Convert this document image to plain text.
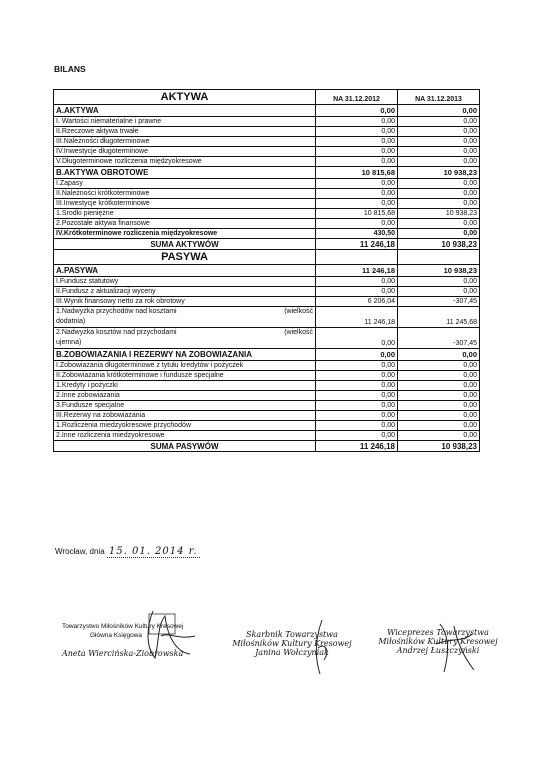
BILANS
AKTYWA	NA 31.12.2012	NA 31.12.2013
A.AKTYWA	0,00	0,00
I. Wartości niematerialne i prawne	0,00	0,00
II.Rzeczowe aktywa trwałe	0,00	0,00
III.Należności długoterminowe	0,00	0,00
IV.Inwestycje długoterminowe	0,00	0,00
V.Długoterminowe rozliczenia międzyokresowe	0,00	0,00
B.AKTYWA OBROTOWE	10 815,68	10 938,23
I.Zapasy	0,00	0,00
II.Należności krótkoterminowe	0,00	0,00
III.Inwestycje krótkoterminowe	0,00	0,00
1.Środki pieniężne	10 815,68	10 938,23
2.Pozostałe aktywa finansowe	0,00	0,00
IV.Krótkoterminowe rozliczenia międzyokresowe	430,50	0,00
SUMA AKTYWÓW	11 246,18	10 938,23
PASYWA		
A.PASYWA	11 246,18	10 938,23
I.Fundusz statutowy	0,00	0,00
II.Fundusz z aktualizacji wyceny	0,00	0,00
III.Wynik finansowy netto za rok obrotowy	6 206,04	-307,45

1.Nadwyżka przychodów nad kosztami (wielkość
dodatnia)	11 246,18	11 245,68

2.Nadwyżka kosztów nad przychodami (wielkość
ujemna)	0,00	-307,45
B.ZOBOWIAZANIA I REZERWY NA ZOBOWIAZANIA	0,00	0,00
I.Zobowiazania długoterminowe z tytułu kredytów i pożyczek	0,00	0,00
II.Zobowiazania krótkoterminowe i fundusze specjalne	0,00	0,00
1.Kredyty i pożyczki	0,00	0,00
2.Inne zobowiazania	0,00	0,00
3.Fundusze specjalne	0,00	0,00
III.Rezerwy na zobowiazania	0,00	0,00
1.Rozliczenia miedzyokresowe przychodów	0,00	0,00
2.Inne rozliczenia miedzyokresowe	0,00	0,00
SUMA PASYWÓW	11 246,18	10 938,23
Wrocław, dnia 15. 01. 2014 r.
Towarzystwo Miłośników Kultury Kresowej
Główna Księgowa
Aneta Wiercińska-Ziobrowska
Skarbnik Towarzystwa
Miłośników Kultury Kresowej
Janina Wołczyniak
Wiceprezes Towarzystwa
Miłośników Kultury Kresowej
Andrzej Łuszczyński
